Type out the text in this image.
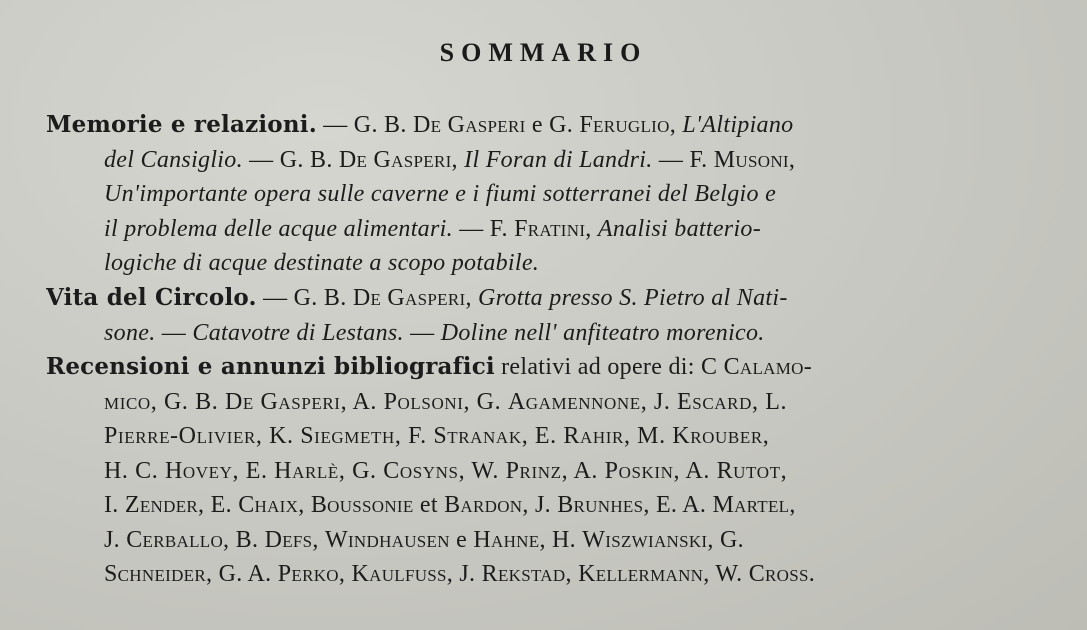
SOMMARIO
Memorie e relazioni. — G. B. De Gasperi e G. Feruglio, L'Altipiano
del Cansiglio. — G. B. De Gasperi, Il Foran di Landri. — F. Musoni,
Un'importante opera sulle caverne e i fiumi sotterranei del Belgio e
il problema delle acque alimentari. — F. Fratini, Analisi batterio-
logiche di acque destinate a scopo potabile.
Vita del Circolo. — G. B. De Gasperi, Grotta presso S. Pietro al Nati-
sone. — Catavotre di Lestans. — Doline nell' anfiteatro morenico.
Recensioni e annunzi bibliografici relativi ad opere di: C Calamo-
mico, G. B. De Gasperi, A. Polsoni, G. Agamennone, J. Escard, L.
Pierre-Olivier, K. Siegmeth, F. Stranak, E. Rahir, M. Krouber,
H. C. Hovey, E. Harlè, G. Cosyns, W. Prinz, A. Poskin, A. Rutot,
I. Zender, E. Chaix, Boussonie et Bardon, J. Brunhes, E. A. Martel,
J. Cerballo, B. Defs, Windhausen e Hahne, H. Wiszwianski, G.
Schneider, G. A. Perko, Kaulfuss, J. Rekstad, Kellermann, W. Cross.
